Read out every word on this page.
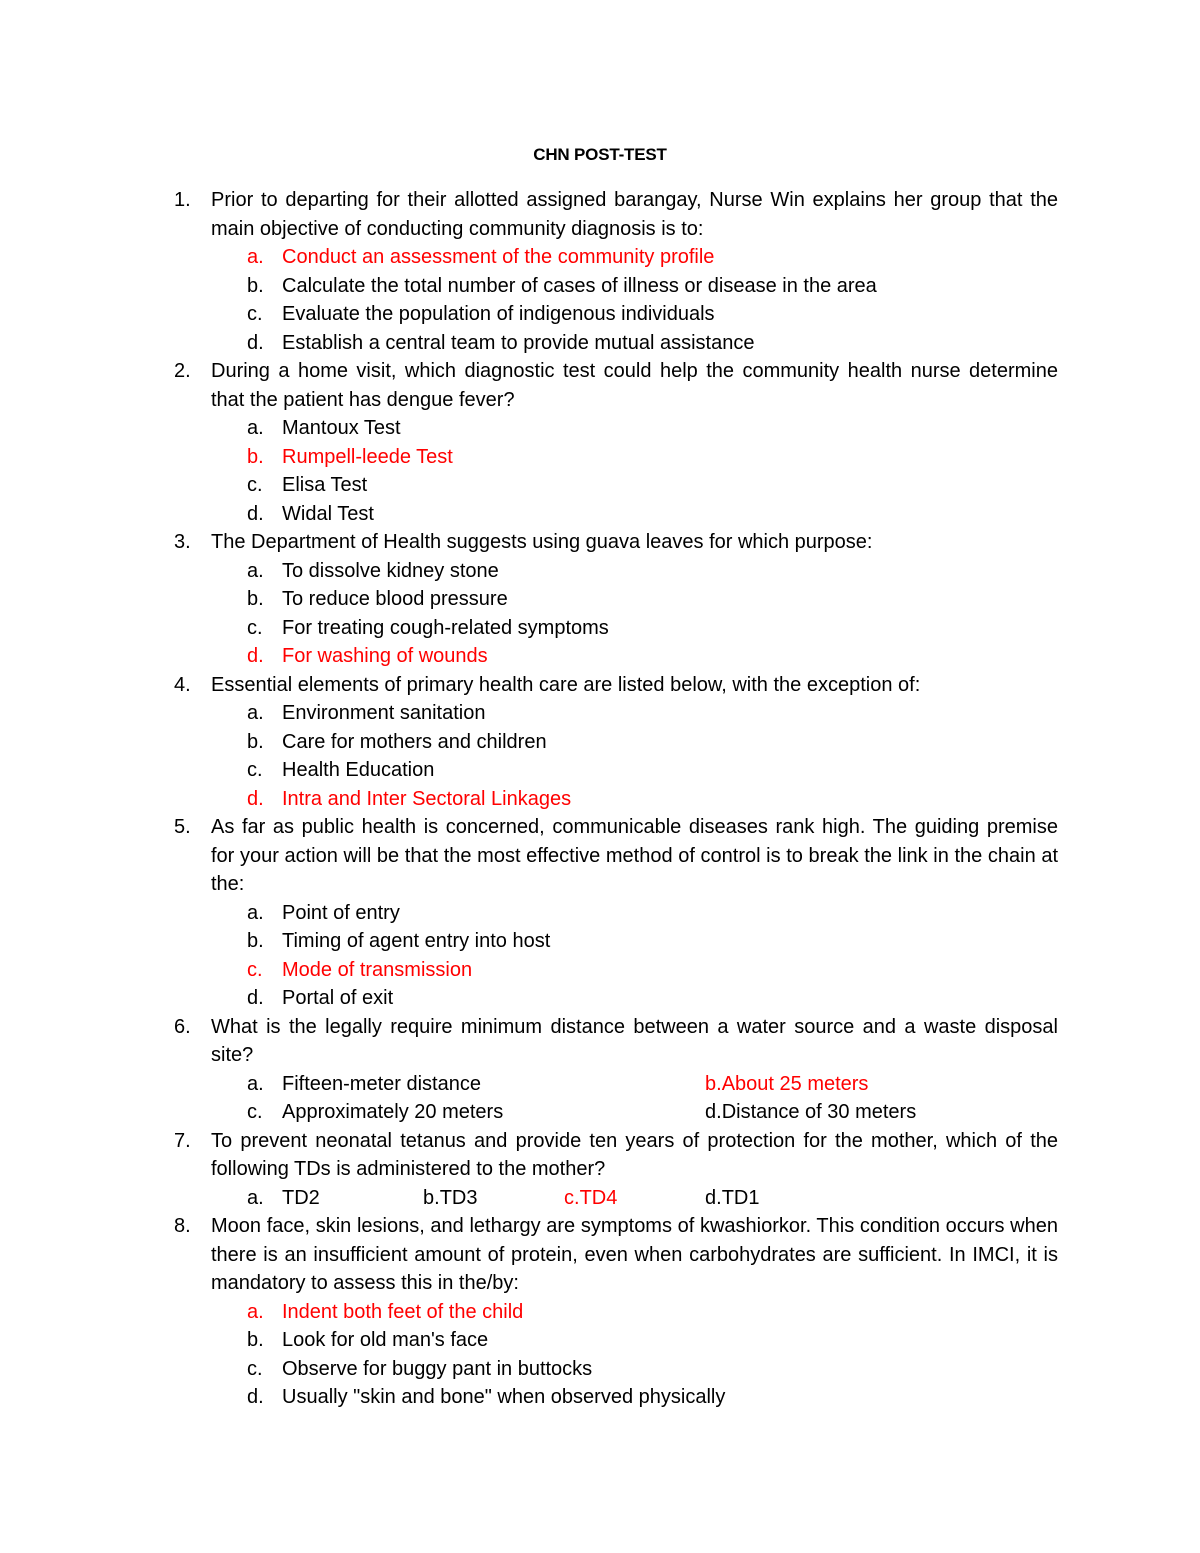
CHN POST-TEST
1. Prior to departing for their allotted assigned barangay, Nurse Win explains her group that the main objective of conducting community diagnosis is to:
a. Conduct an assessment of the community profile
b. Calculate the total number of cases of illness or disease in the area
c. Evaluate the population of indigenous individuals
d. Establish a central team to provide mutual assistance
2. During a home visit, which diagnostic test could help the community health nurse determine that the patient has dengue fever?
a. Mantoux Test
b. Rumpell-leede Test
c. Elisa Test
d. Widal Test
3. The Department of Health suggests using guava leaves for which purpose:
a. To dissolve kidney stone
b. To reduce blood pressure
c. For treating cough-related symptoms
d. For washing of wounds
4. Essential elements of primary health care are listed below, with the exception of:
a. Environment sanitation
b. Care for mothers and children
c. Health Education
d. Intra and Inter Sectoral Linkages
5. As far as public health is concerned, communicable diseases rank high. The guiding premise for your action will be that the most effective method of control is to break the link in the chain at the:
a. Point of entry
b. Timing of agent entry into host
c. Mode of transmission
d. Portal of exit
6. What is the legally require minimum distance between a water source and a waste disposal site?
a. Fifteen-meter distance	b.About 25 meters
c. Approximately 20 meters	d.Distance of 30 meters
7. To prevent neonatal tetanus and provide ten years of protection for the mother, which of the following TDs is administered to the mother?
a. TD2	b.TD3	c.TD4	d.TD1
8. Moon face, skin lesions, and lethargy are symptoms of kwashiorkor. This condition occurs when there is an insufficient amount of protein, even when carbohydrates are sufficient. In IMCI, it is mandatory to assess this in the/by:
a. Indent both feet of the child
b. Look for old man's face
c. Observe for buggy pant in buttocks
d. Usually "skin and bone" when observed physically
